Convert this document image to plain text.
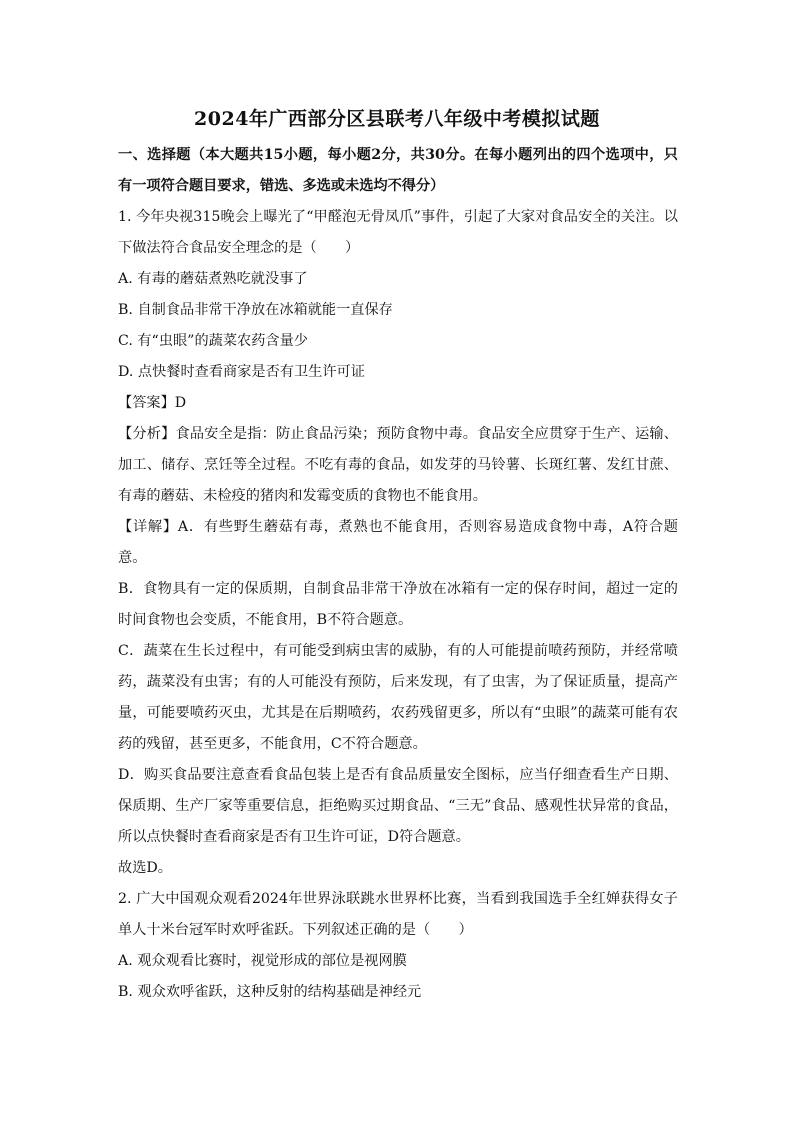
2024年广西部分区县联考八年级中考模拟试题
一、选择题（本大题共15小题，每小题2分，共30分。在每小题列出的四个选项中，只
有一项符合题目要求，错选、多选或未选均不得分）
1. 今年央视315晚会上曝光了“甲醛泡无骨凤爪”事件，引起了大家对食品安全的关注。以
下做法符合食品安全理念的是（　　）
A. 有毒的蘑菇煮熟吃就没事了
B. 自制食品非常干净放在冰箱就能一直保存
C. 有“虫眼”的蔬菜农药含量少
D. 点快餐时查看商家是否有卫生许可证
【答案】D
【分析】食品安全是指：防止食品污染；预防食物中毒。食品安全应贯穿于生产、运输、
加工、储存、烹饪等全过程。不吃有毒的食品，如发芽的马铃薯、长斑红薯、发红甘蔗、
有毒的蘑菇、未检疫的猪肉和发霉变质的食物也不能食用。
【详解】A．有些野生蘑菇有毒，煮熟也不能食用，否则容易造成食物中毒，A符合题
意。
B．食物具有一定的保质期，自制食品非常干净放在冰箱有一定的保存时间，超过一定的
时间食物也会变质，不能食用，B不符合题意。
C．蔬菜在生长过程中，有可能受到病虫害的威胁，有的人可能提前喷药预防，并经常喷
药，蔬菜没有虫害；有的人可能没有预防，后来发现，有了虫害，为了保证质量，提高产
量，可能要喷药灭虫，尤其是在后期喷药，农药残留更多，所以有“虫眼”的蔬菜可能有农
药的残留，甚至更多，不能食用，C不符合题意。
D．购买食品要注意查看食品包装上是否有食品质量安全图标，应当仔细查看生产日期、
保质期、生产厂家等重要信息，拒绝购买过期食品、“三无”食品、感观性状异常的食品，
所以点快餐时查看商家是否有卫生许可证，D符合题意。
故选D。
2. 广大中国观众观看2024年世界泳联跳水世界杯比赛，当看到我国选手全红婵获得女子
单人十米台冠军时欢呼雀跃。下列叙述正确的是（　　）
A. 观众观看比赛时，视觉形成的部位是视网膜
B. 观众欢呼雀跃，这种反射的结构基础是神经元
